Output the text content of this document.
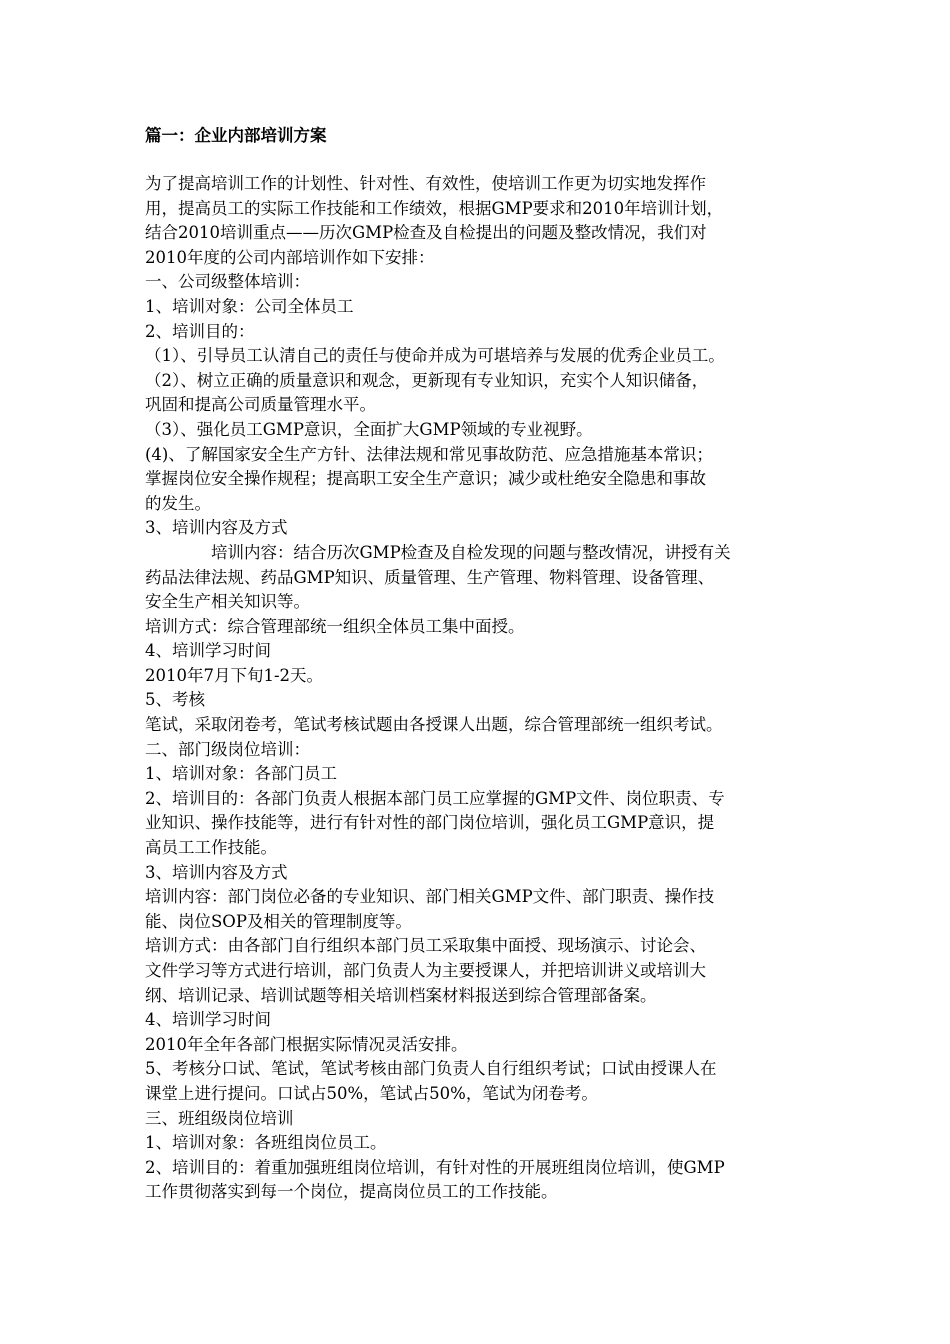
篇一：企业内部培训方案
为了提高培训工作的计划性、针对性、有效性，使培训工作更为切实地发挥作
用，提高员工的实际工作技能和工作绩效，根据GMP要求和2010年培训计划，
结合2010培训重点——历次GMP检查及自检提出的问题及整改情况，我们对
2010年度的公司内部培训作如下安排：
一、公司级整体培训：
1、培训对象：公司全体员工
2、培训目的：
（1）、引导员工认清自己的责任与使命并成为可堪培养与发展的优秀企业员工。
（2）、树立正确的质量意识和观念，更新现有专业知识，充实个人知识储备，
巩固和提高公司质量管理水平。
（3）、强化员工GMP意识，全面扩大GMP领域的专业视野。
(4)、了解国家安全生产方针、法律法规和常见事故防范、应急措施基本常识；
掌握岗位安全操作规程；提高职工安全生产意识；减少或杜绝安全隐患和事故
的发生。
3、培训内容及方式
培训内容：结合历次GMP检查及自检发现的问题与整改情况，讲授有关
药品法律法规、药品GMP知识、质量管理、生产管理、物料管理、设备管理、
安全生产相关知识等。
培训方式：综合管理部统一组织全体员工集中面授。
4、培训学习时间
2010年7月下旬1-2天。
5、考核
笔试，采取闭卷考，笔试考核试题由各授课人出题，综合管理部统一组织考试。
二、部门级岗位培训：
1、培训对象：各部门员工
2、培训目的：各部门负责人根据本部门员工应掌握的GMP文件、岗位职责、专
业知识、操作技能等，进行有针对性的部门岗位培训，强化员工GMP意识，提
高员工工作技能。
3、培训内容及方式
培训内容：部门岗位必备的专业知识、部门相关GMP文件、部门职责、操作技
能、岗位SOP及相关的管理制度等。
培训方式：由各部门自行组织本部门员工采取集中面授、现场演示、讨论会、
文件学习等方式进行培训，部门负责人为主要授课人，并把培训讲义或培训大
纲、培训记录、培训试题等相关培训档案材料报送到综合管理部备案。
4、培训学习时间
2010年全年各部门根据实际情况灵活安排。
5、考核分口试、笔试，笔试考核由部门负责人自行组织考试；口试由授课人在
课堂上进行提问。口试占50%，笔试占50%，笔试为闭卷考。
三、班组级岗位培训
1、培训对象：各班组岗位员工。
2、培训目的：着重加强班组岗位培训，有针对性的开展班组岗位培训，使GMP
工作贯彻落实到每一个岗位，提高岗位员工的工作技能。
